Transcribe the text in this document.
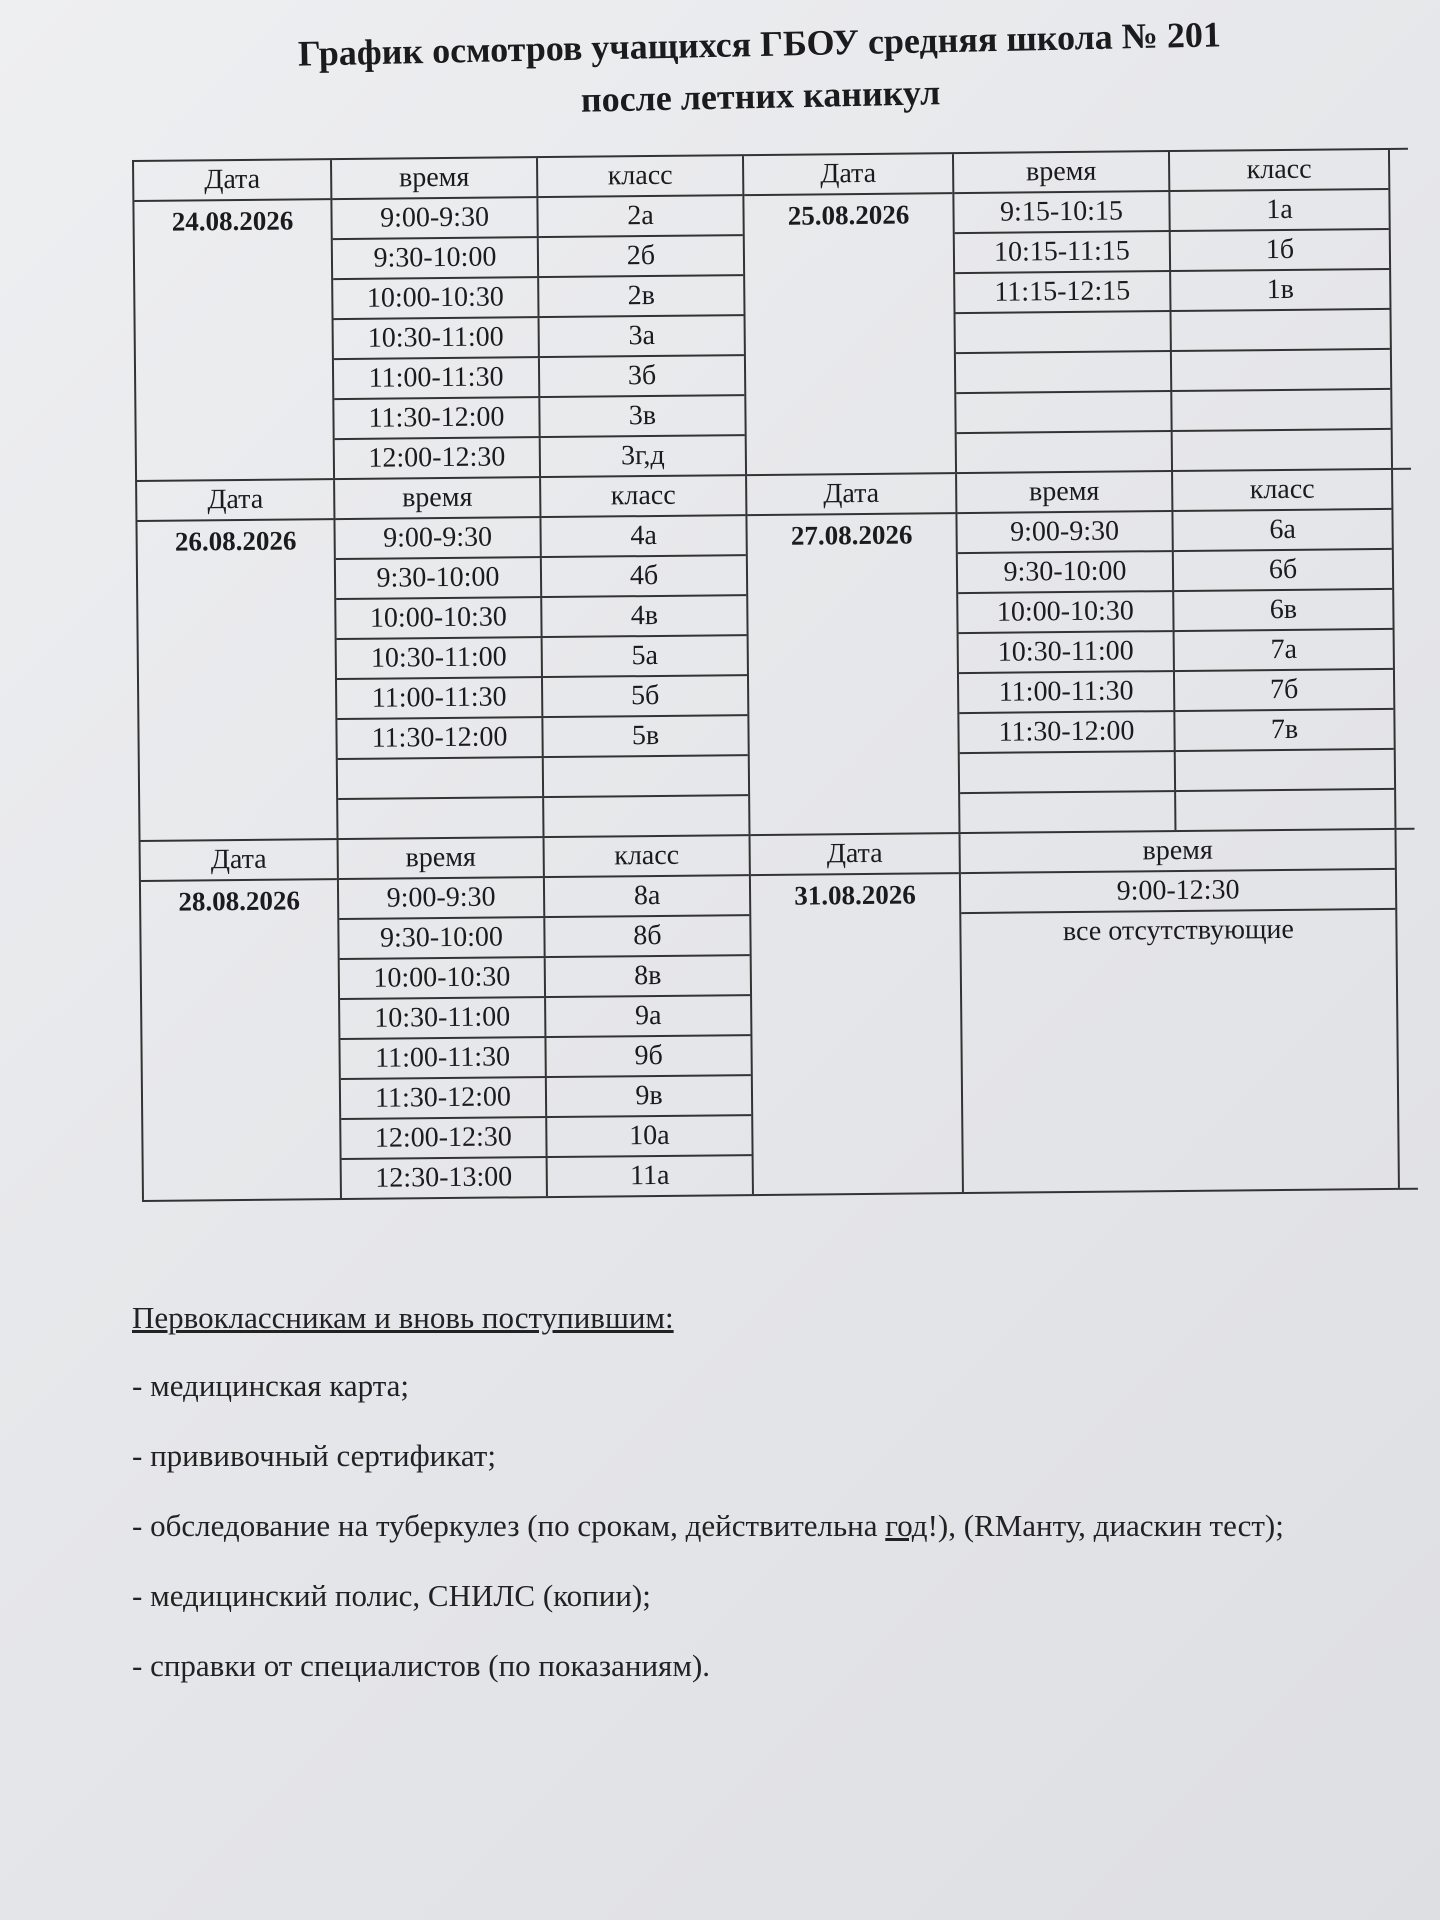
График осмотров учащихся ГБОУ средняя школа № 201
после летних каникул
Дата
24.08.2026
время	класс
9:00-9:30	2а
9:30-10:00	2б
10:00-10:30	2в
10:30-11:00	3а
11:00-11:30	3б
11:30-12:00	3в
12:00-12:30	3г,д
Дата
25.08.2026
время	класс
9:15-10:15	1а
10:15-11:15	1б
11:15-12:15	1в
Дата
26.08.2026
время	класс
9:00-9:30	4а
9:30-10:00	4б
10:00-10:30	4в
10:30-11:00	5а
11:00-11:30	5б
11:30-12:00	5в
Дата
27.08.2026
время	класс
9:00-9:30	6а
9:30-10:00	6б
10:00-10:30	6в
10:30-11:00	7а
11:00-11:30	7б
11:30-12:00	7в
Дата
28.08.2026
время	класс
9:00-9:30	8а
9:30-10:00	8б
10:00-10:30	8в
10:30-11:00	9а
11:00-11:30	9б
11:30-12:00	9в
12:00-12:30	10а
12:30-13:00	11а
Дата
31.08.2026
время
9:00-12:30
все отсутствующие
Первоклассникам и вновь поступившим:
- медицинская карта;
- прививочный сертификат;
- обследование на туберкулез (по срокам, действительна год!), (RМанту, диаскин тест);
- медицинский полис, СНИЛС (копии);
- справки от специалистов (по показаниям).
